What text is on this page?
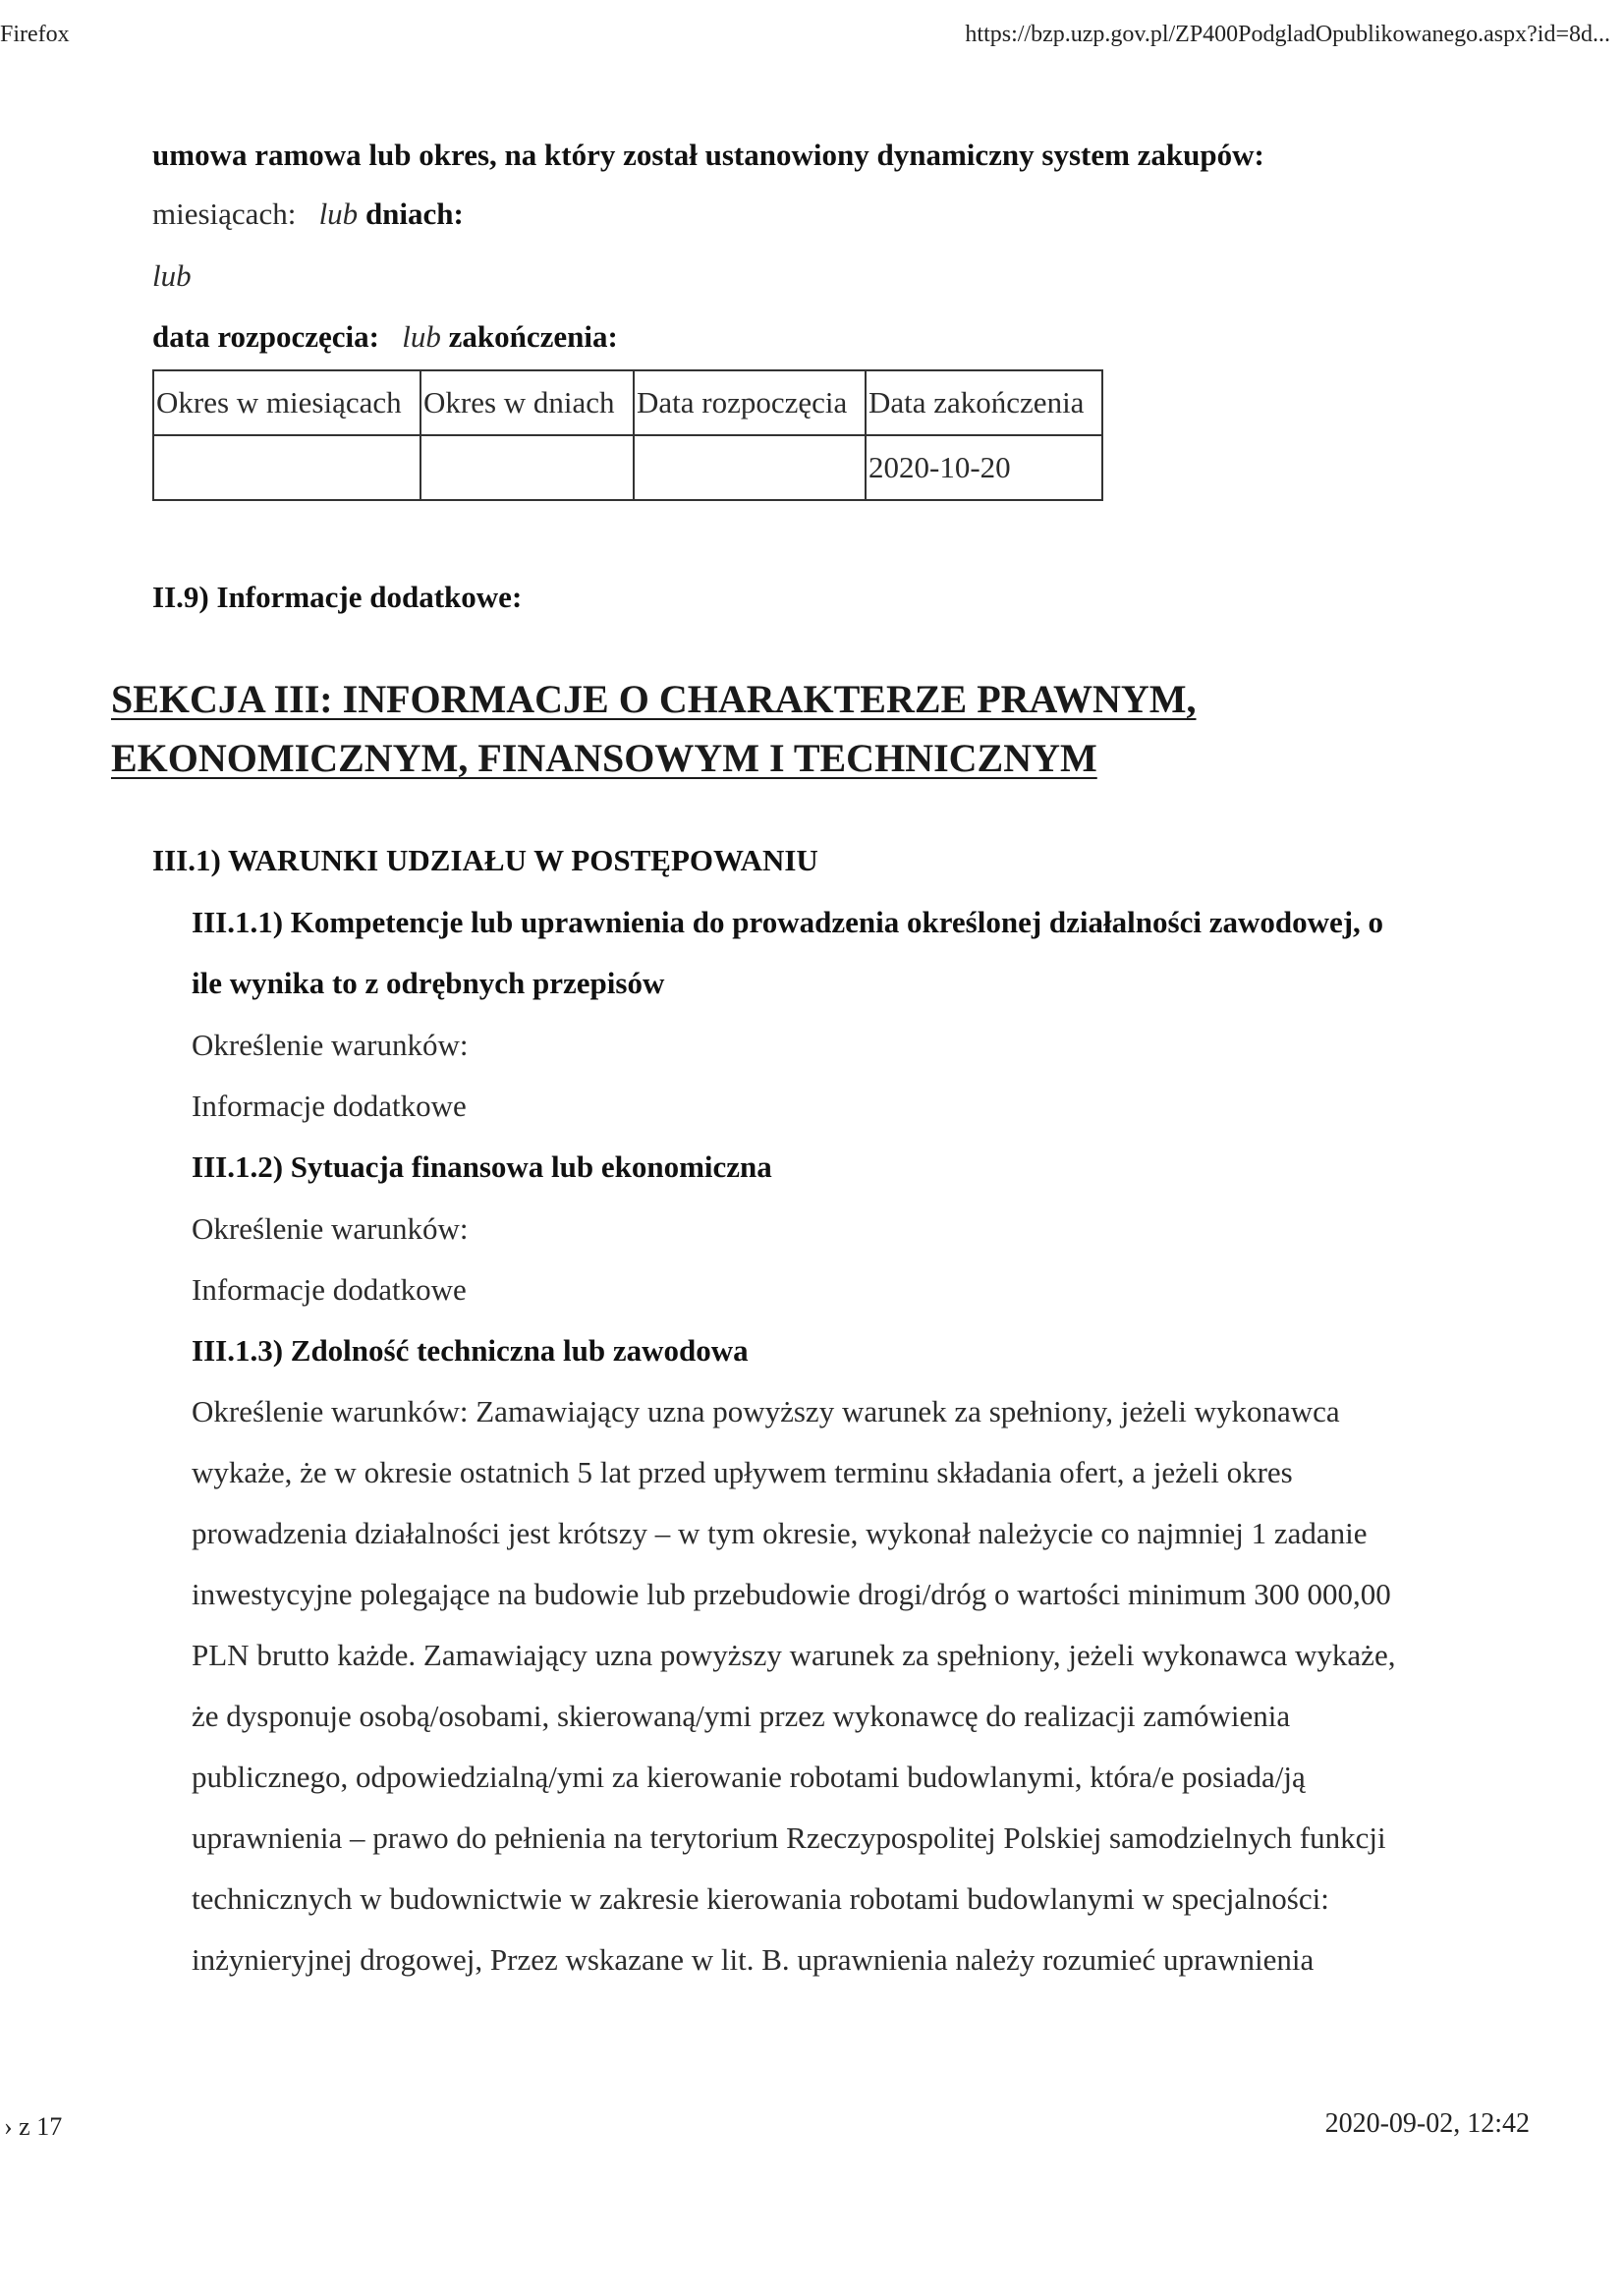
Firefox	https://bzp.uzp.gov.pl/ZP400PodgladOpublikowanego.aspx?id=8d...
umowa ramowa lub okres, na który został ustanowiony dynamiczny system zakupów:
miesiącach: lub dniach:
lub
data rozpoczęcia: lub zakończenia:
Okres w miesiącach	Okres w dniach	Data rozpoczęcia	Data zakończenia
			2020-10-20
II.9) Informacje dodatkowe:
SEKCJA III: INFORMACJE O CHARAKTERZE PRAWNYM,
EKONOMICZNYM, FINANSOWYM I TECHNICZNYM
III.1) WARUNKI UDZIAŁU W POSTĘPOWANIU
III.1.1) Kompetencje lub uprawnienia do prowadzenia określonej działalności zawodowej, o
ile wynika to z odrębnych przepisów
Określenie warunków:
Informacje dodatkowe
III.1.2) Sytuacja finansowa lub ekonomiczna
Określenie warunków:
Informacje dodatkowe
III.1.3) Zdolność techniczna lub zawodowa
Określenie warunków: Zamawiający uzna powyższy warunek za spełniony, jeżeli wykonawca
wykaże, że w okresie ostatnich 5 lat przed upływem terminu składania ofert, a jeżeli okres
prowadzenia działalności jest krótszy – w tym okresie, wykonał należycie co najmniej 1 zadanie
inwestycyjne polegające na budowie lub przebudowie drogi/dróg o wartości minimum 300 000,00
PLN brutto każde. Zamawiający uzna powyższy warunek za spełniony, jeżeli wykonawca wykaże,
że dysponuje osobą/osobami, skierowaną/ymi przez wykonawcę do realizacji zamówienia
publicznego, odpowiedzialną/ymi za kierowanie robotami budowlanymi, która/e posiada/ją
uprawnienia – prawo do pełnienia na terytorium Rzeczypospolitej Polskiej samodzielnych funkcji
technicznych w budownictwie w zakresie kierowania robotami budowlanymi w specjalności:
inżynieryjnej drogowej, Przez wskazane w lit. B. uprawnienia należy rozumieć uprawnienia
› z 17	2020-09-02, 12:42
